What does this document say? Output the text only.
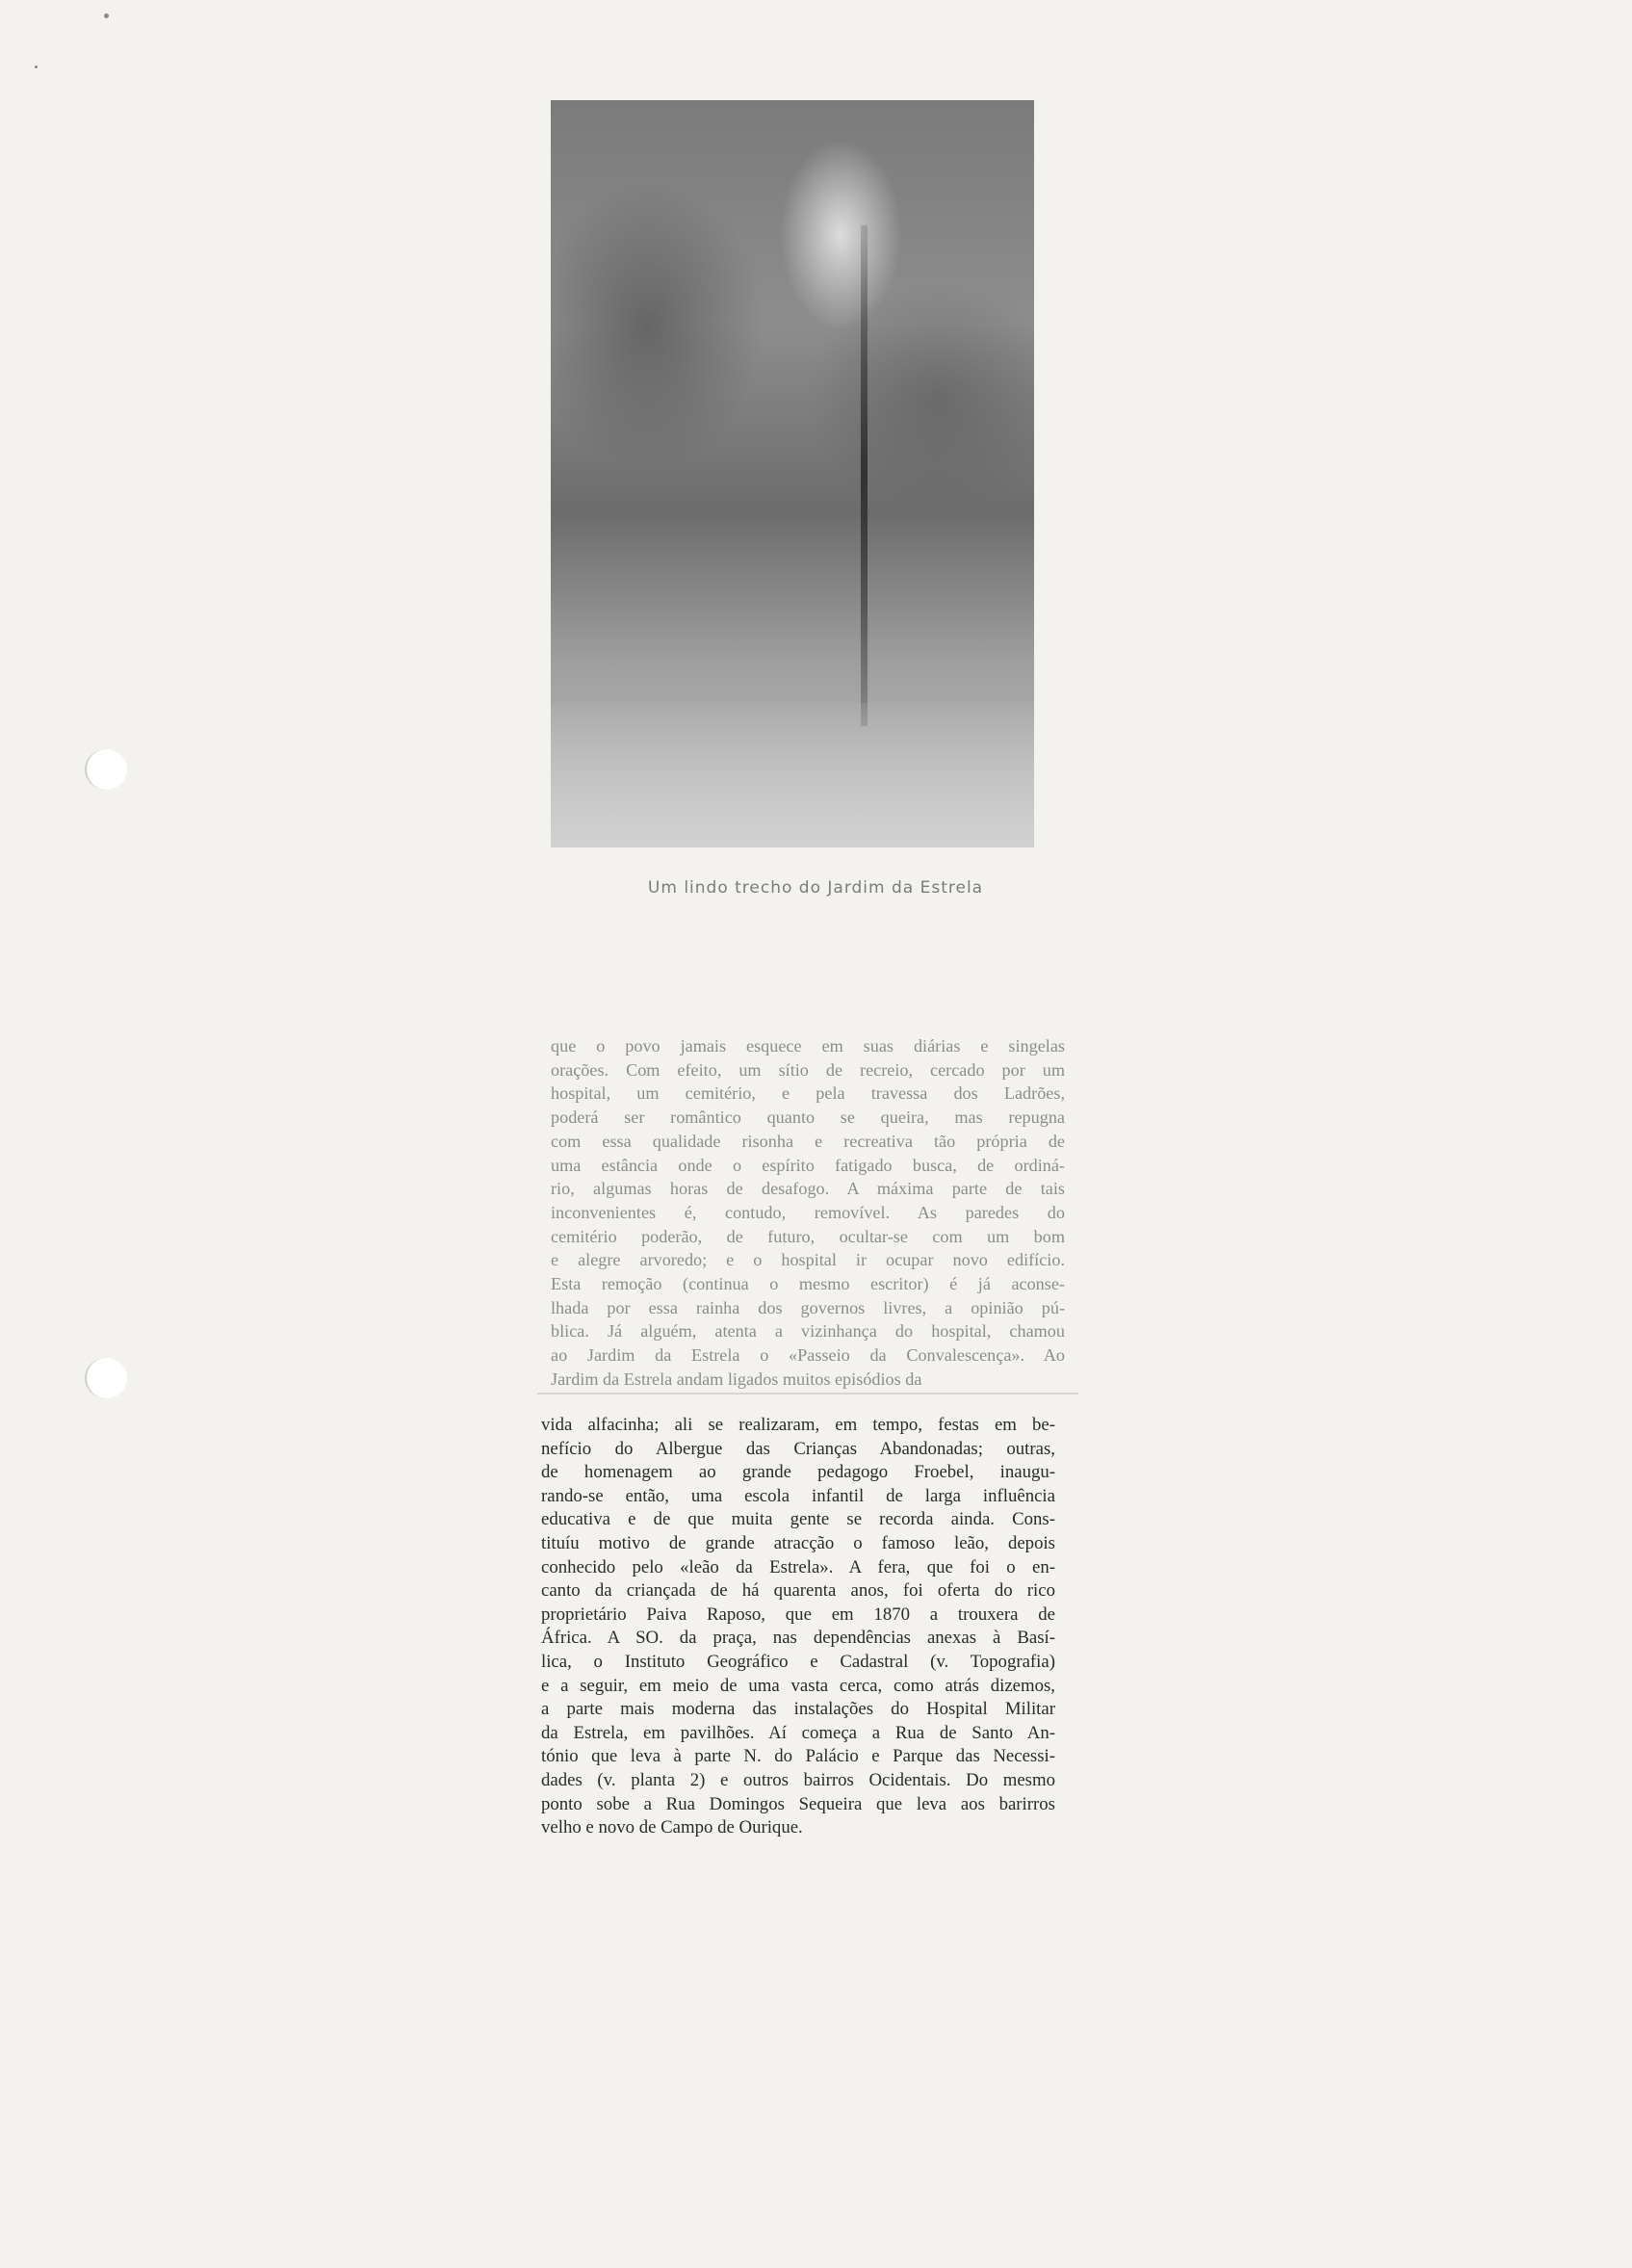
Um lindo trecho do Jardim da Estrela
que o povo jamais esquece em suas diárias e singelas
orações. Com efeito, um sítio de recreio, cercado por um
hospital, um cemitério, e pela travessa dos Ladrões,
poderá ser romântico quanto se queira, mas repugna
com essa qualidade risonha e recreativa tão própria de
uma estância onde o espírito fatigado busca, de ordiná-
rio, algumas horas de desafogo. A máxima parte de tais
inconvenientes é, contudo, removível. As paredes do
cemitério poderão, de futuro, ocultar-se com um bom
e alegre arvoredo; e o hospital ir ocupar novo edifício.
Esta remoção (continua o mesmo escritor) é já aconse-
lhada por essa rainha dos governos livres, a opinião pú-
blica. Já alguém, atenta a vizinhança do hospital, chamou
ao Jardim da Estrela o «Passeio da Convalescença». Ao
Jardim da Estrela andam ligados muitos episódios da
vida alfacinha; ali se realizaram, em tempo, festas em be-
nefício do Albergue das Crianças Abandonadas; outras,
de homenagem ao grande pedagogo Froebel, inaugu-
rando-se então, uma escola infantil de larga influência
educativa e de que muita gente se recorda ainda. Cons-
tituíu motivo de grande atracção o famoso leão, depois
conhecido pelo «leão da Estrela». A fera, que foi o en-
canto da criançada de há quarenta anos, foi oferta do rico
proprietário Paiva Raposo, que em 1870 a trouxera de
África. A SO. da praça, nas dependências anexas à Basí-
lica, o Instituto Geográfico e Cadastral (v. Topografia)
e a seguir, em meio de uma vasta cerca, como atrás dizemos,
a parte mais moderna das instalações do Hospital Militar
da Estrela, em pavilhões. Aí começa a Rua de Santo An-
tónio que leva à parte N. do Palácio e Parque das Necessi-
dades (v. planta 2) e outros bairros Ocidentais. Do mesmo
ponto sobe a Rua Domingos Sequeira que leva aos barirros
velho e novo de Campo de Ourique.
